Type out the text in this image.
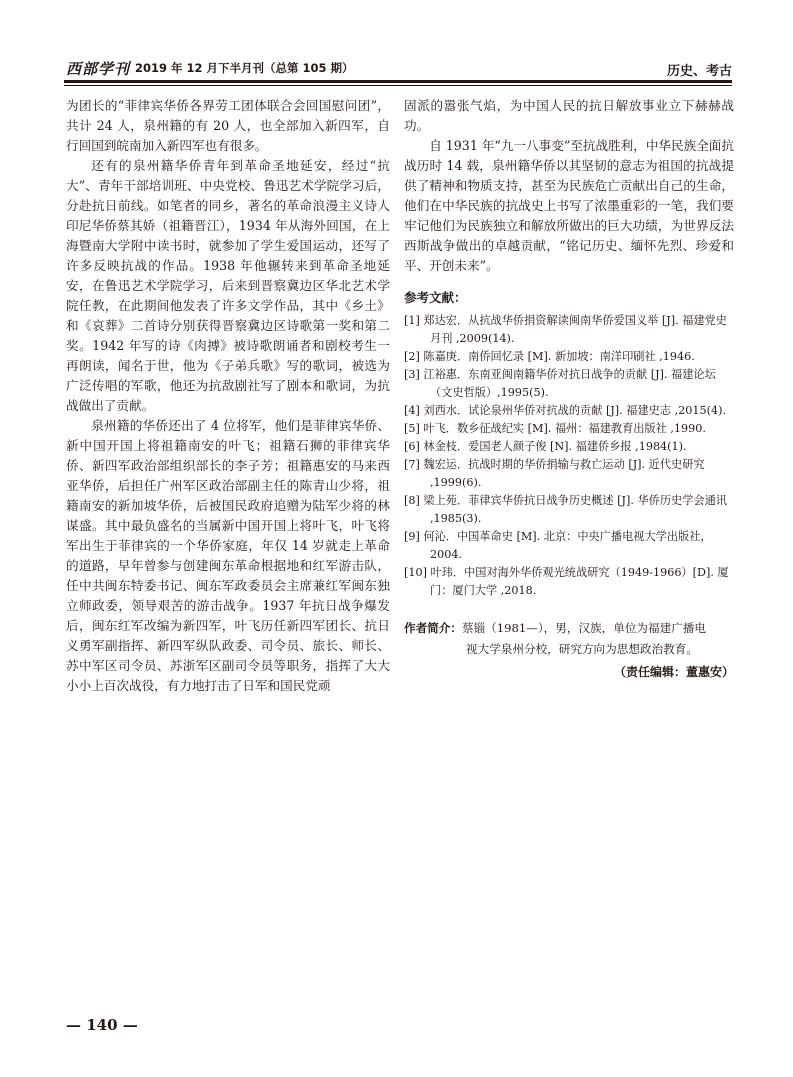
西部学刊 2019 年 12 月下半月刊（总第 105 期）	历史、考古

为团长的“菲律宾华侨各界劳工团体联合会回国慰问团”，共计 24 人，泉州籍的有 20 人，也全部加入新四军，自行回国到皖南加入新四军也有很多。

还有的泉州籍华侨青年到革命圣地延安，经过“抗大”、青年干部培训班、中央党校、鲁迅艺术学院学习后，分赴抗日前线。如笔者的同乡，著名的革命浪漫主义诗人印尼华侨蔡其娇（祖籍晋江），1934 年从海外回国，在上海暨南大学附中读书时，就参加了学生爱国运动，还写了许多反映抗战的作品。1938 年他辗转来到革命圣地延安，在鲁迅艺术学院学习，后来到晋察冀边区华北艺术学院任教，在此期间他发表了许多文学作品，其中《乡土》和《哀葬》二首诗分别获得晋察冀边区诗歌第一奖和第二奖。1942 年写的诗《肉搏》被诗歌朗诵者和剧校考生一再朗读，闻名于世，他为《子弟兵歌》写的歌词，被选为广泛传唱的军歌，他还为抗敌剧社写了剧本和歌词，为抗战做出了贡献。

泉州籍的华侨还出了 4 位将军，他们是菲律宾华侨、新中国开国上将祖籍南安的叶飞；祖籍石狮的菲律宾华侨、新四军政治部组织部长的李子芳；祖籍惠安的马来西亚华侨，后担任广州军区政治部副主任的陈青山少将，祖籍南安的新加坡华侨，后被国民政府追赠为陆军少将的林谋盛。其中最负盛名的当属新中国开国上将叶飞，叶飞将军出生于菲律宾的一个华侨家庭，年仅 14 岁就走上革命的道路，早年曾参与创建闽东革命根据地和红军游击队，任中共闽东特委书记、闽东军政委员会主席兼红军闽东独立师政委，领导艰苦的游击战争。1937 年抗日战争爆发后，闽东红军改编为新四军，叶飞历任新四军团长、抗日义勇军副指挥、新四军纵队政委、司令员、旅长、师长、苏中军区司令员、苏浙军区副司令员等职务，指挥了大大小小上百次战役，有力地打击了日军和国民党顽

固派的嚣张气焰，为中国人民的抗日解放事业立下赫赫战功。

自 1931 年“九一八事变”至抗战胜利，中华民族全面抗战历时 14 载，泉州籍华侨以其坚韧的意志为祖国的抗战提供了精神和物质支持，甚至为民族危亡贡献出自己的生命，他们在中华民族的抗战史上书写了浓墨重彩的一笔，我们要牢记他们为民族独立和解放所做出的巨大功绩，为世界反法西斯战争做出的卓越贡献，“铭记历史、缅怀先烈、珍爱和平、开创未来”。

参考文献：
[1] 郑达宏．从抗战华侨捐资解读闽南华侨爱国义举 [J]. 福建党史月刊 ,2009(14).
[2] 陈嘉庚．南侨回忆录 [M]. 新加坡：南洋印刷社 ,1946.
[3] 江裕惠．东南亚闽南籍华侨对抗日战争的贡献 [J]. 福建论坛（文史哲版）,1995(5).
[4] 刘西水．试论泉州华侨对抗战的贡献 [J]. 福建史志 ,2015(4).
[5] 叶飞．数乡征战纪实 [M]. 福州：福建教育出版社 ,1990.
[6] 林金枝．爱国老人颜子俊 [N]. 福建侨乡报 ,1984(1).
[7] 魏宏运．抗战时期的华侨捐输与救亡运动 [J]. 近代史研究 ,1999(6).
[8] 梁上苑．菲律宾华侨抗日战争历史概述 [J]. 华侨历史学会通讯 ,1985(3).
[9] 何沁．中国革命史 [M]. 北京：中央广播电视大学出版社，2004.
[10] 叶玮．中国对海外华侨观光统战研究（1949-1966）[D]. 厦门：厦门大学 ,2018.
作者简介：蔡锱（1981—），男，汉族，单位为福建广播电
视大学泉州分校，研究方向为思想政治教育。
（责任编辑：董惠安）
— 140 —
